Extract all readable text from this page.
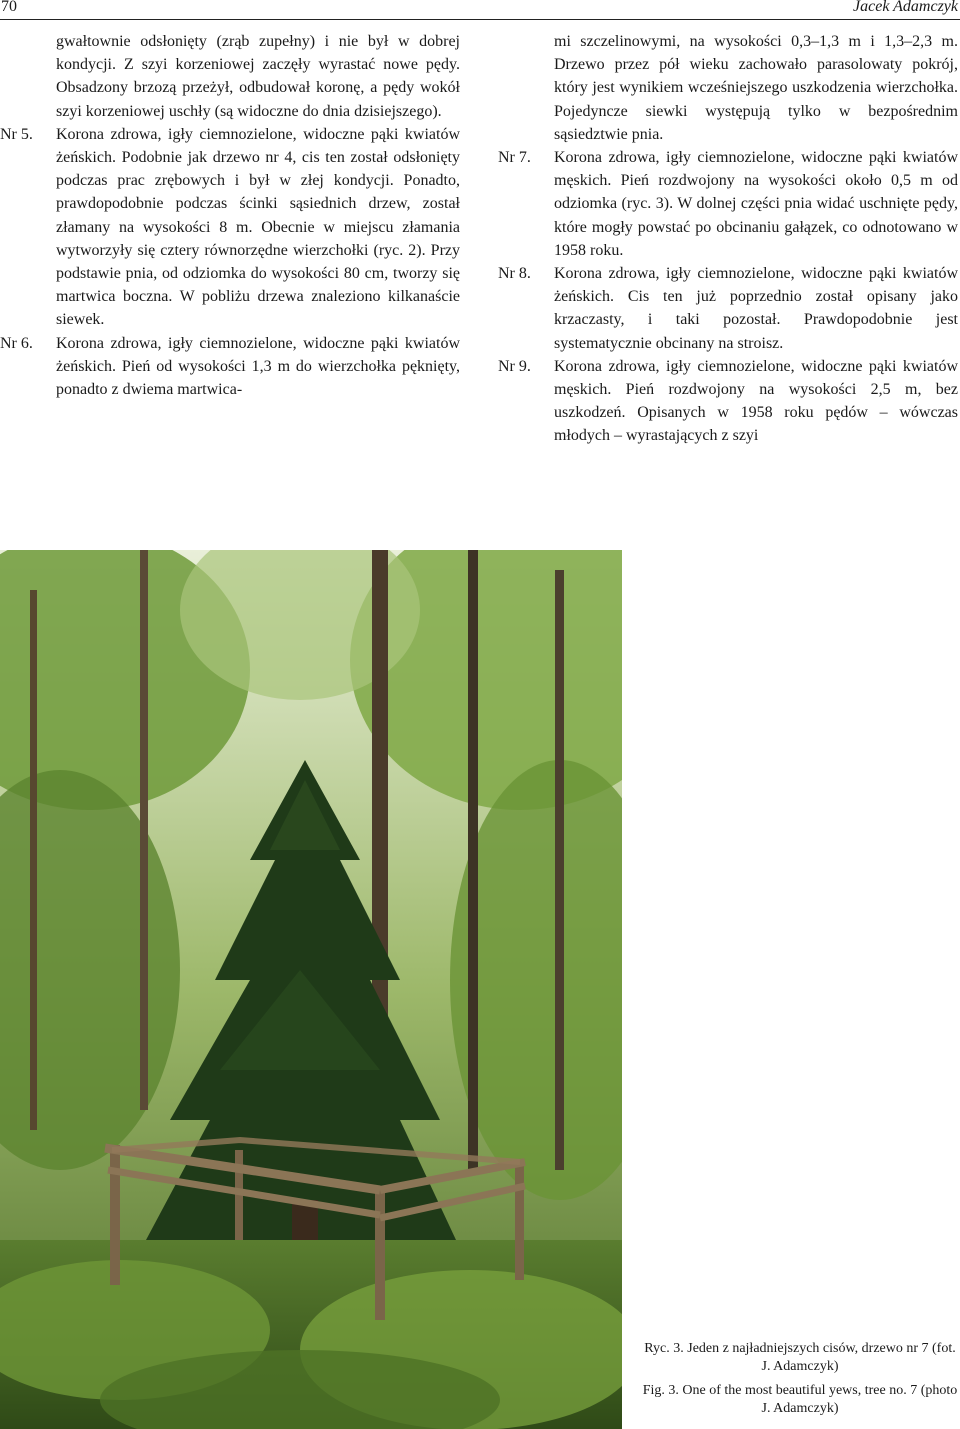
70	Jacek Adamczyk

gwałtownie odsłonięty (zrąb zupełny) i nie był w dobrej kondycji. Z szyi korzeniowej zaczęły wyrastać nowe pędy. Obsadzony brzozą przeżył, odbudował koronę, a pędy wokół szyi korzeniowej uschły (są widoczne do dnia dzisiejszego).

Nr 5. Korona zdrowa, igły ciemnozielone, widoczne pąki kwiatów żeńskich. Podobnie jak drzewo nr 4, cis ten został odsłonięty podczas prac zrębowych i był w złej kondycji. Ponadto, prawdopodobnie podczas ścinki sąsiednich drzew, został złamany na wysokości 8 m. Obecnie w miejscu złamania wytworzyły się cztery równorzędne wierzchołki (ryc. 2). Przy podstawie pnia, od odziomka do wysokości 80 cm, tworzy się martwica boczna. W pobliżu drzewa znaleziono kilkanaście siewek.

Nr 6. Korona zdrowa, igły ciemnozielone, widoczne pąki kwiatów żeńskich. Pień od wysokości 1,3 m do wierzchołka pęknięty, ponadto z dwiema martwica-

mi szczelinowymi, na wysokości 0,3–1,3 m i 1,3–2,3 m. Drzewo przez pół wieku zachowało parasolowaty pokrój, który jest wynikiem wcześniejszego uszkodzenia wierzchołka. Pojedyncze siewki występują tylko w bezpośrednim sąsiedztwie pnia.

Nr 7. Korona zdrowa, igły ciemnozielone, widoczne pąki kwiatów męskich. Pień rozdwojony na wysokości około 0,5 m od odziomka (ryc. 3). W dolnej części pnia widać uschnięte pędy, które mogły powstać po obcinaniu gałązek, co odnotowano w 1958 roku.

Nr 8. Korona zdrowa, igły ciemnozielone, widoczne pąki kwiatów żeńskich. Cis ten już poprzednio został opisany jako krzaczasty, i taki pozostał. Prawdopodobnie jest systematycznie obcinany na stroisz.

Nr 9. Korona zdrowa, igły ciemnozielone, widoczne pąki kwiatów męskich. Pień rozdwojony na wysokości 2,5 m, bez uszkodzeń. Opisanych w 1958 roku pędów – wówczas młodych – wyrastających z szyi

Ryc. 3. Jeden z najładniejszych cisów, drzewo nr 7 (fot. J. Adamczyk)

Fig. 3. One of the most beautiful yews, tree no. 7 (photo J. Adamczyk)
